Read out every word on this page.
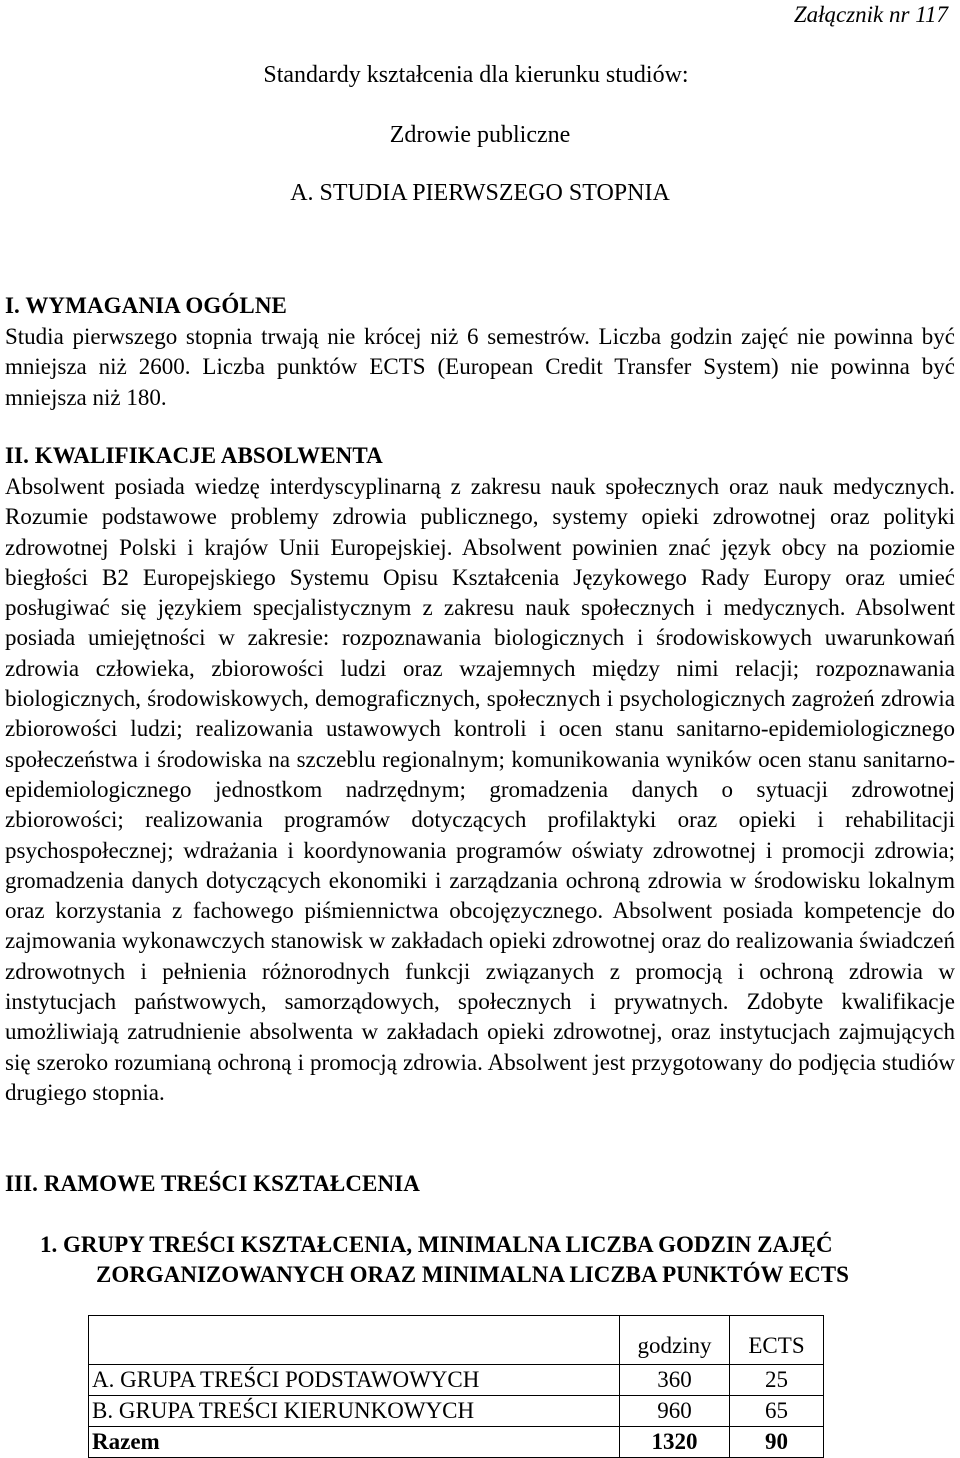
Załącznik nr 117
Standardy kształcenia dla kierunku studiów:
Zdrowie publiczne
A. STUDIA PIERWSZEGO STOPNIA
I. WYMAGANIA OGÓLNE
Studia pierwszego stopnia trwają nie krócej niż 6 semestrów. Liczba godzin zajęć nie powinna być mniejsza niż 2600. Liczba punktów ECTS (European Credit Transfer System) nie powinna być mniejsza niż 180.
II. KWALIFIKACJE ABSOLWENTA
Absolwent posiada wiedzę interdyscyplinarną z zakresu nauk społecznych oraz nauk medycznych. Rozumie podstawowe problemy zdrowia publicznego, systemy opieki zdrowotnej oraz polityki zdrowotnej Polski i krajów Unii Europejskiej. Absolwent powinien znać język obcy na poziomie biegłości B2 Europejskiego Systemu Opisu Kształcenia Językowego Rady Europy oraz umieć posługiwać się językiem specjalistycznym z zakresu nauk społecznych i medycznych. Absolwent posiada umiejętności w zakresie: rozpoznawania biologicznych i środowiskowych uwarunkowań zdrowia człowieka, zbiorowości ludzi oraz wzajemnych między nimi relacji; rozpoznawania biologicznych, środowiskowych, demograficznych, społecznych i psychologicznych zagrożeń zdrowia zbiorowości ludzi; realizowania ustawowych kontroli i ocen stanu sanitarno-epidemiologicznego społeczeństwa i środowiska na szczeblu regionalnym; komunikowania wyników ocen stanu sanitarno-epidemiologicznego jednostkom nadrzędnym; gromadzenia danych o sytuacji zdrowotnej zbiorowości; realizowania programów dotyczących profilaktyki oraz opieki i rehabilitacji psychospołecznej; wdrażania i koordynowania programów oświaty zdrowotnej i promocji zdrowia; gromadzenia danych dotyczących ekonomiki i zarządzania ochroną zdrowia w środowisku lokalnym oraz korzystania z fachowego piśmiennictwa obcojęzycznego. Absolwent posiada kompetencje do zajmowania wykonawczych stanowisk w zakładach opieki zdrowotnej oraz do realizowania świadczeń zdrowotnych i pełnienia różnorodnych funkcji związanych z promocją i ochroną zdrowia w instytucjach państwowych, samorządowych, społecznych i prywatnych. Zdobyte kwalifikacje umożliwiają zatrudnienie absolwenta w zakładach opieki zdrowotnej, oraz instytucjach zajmujących się szeroko rozumianą ochroną i promocją zdrowia. Absolwent jest przygotowany do podjęcia studiów drugiego stopnia.
III. RAMOWE TREŚCI KSZTAŁCENIA
1. GRUPY TREŚCI KSZTAŁCENIA, MINIMALNA LICZBA GODZIN ZAJĘĆ
ZORGANIZOWANYCH ORAZ MINIMALNA LICZBA PUNKTÓW ECTS
	godziny	ECTS
A. GRUPA TREŚCI PODSTAWOWYCH	360	25
B. GRUPA TREŚCI KIERUNKOWYCH	960	65
Razem	1320	90
